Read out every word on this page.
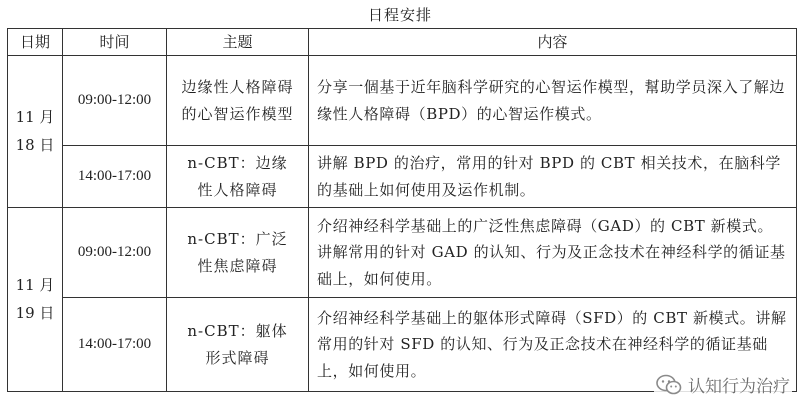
日程安排
日期	时间	主题	内容

11 月
18 日	09:00-12:00	边缘性人格障碍的心智运作模型	分享一個基于近年脑科学研究的心智运作模型，幫助学员深入了解边缘性人格障碍（BPD）的心智运作模式。
	14:00-17:00	n-CBT：边缘性人格障碍	讲解 BPD 的治疗，常用的针对 BPD 的 CBT 相关技术，在脑科学的基础上如何使用及运作机制。

11 月
19 日	09:00-12:00	n-CBT：广泛性焦虑障碍	介绍神经科学基础上的广泛性焦虑障碍（GAD）的 CBT 新模式。讲解常用的针对 GAD 的认知、行为及正念技术在神经科学的循证基础上，如何使用。
	14:00-17:00	n-CBT：躯体形式障碍	介绍神经科学基础上的躯体形式障碍（SFD）的 CBT 新模式。讲解常用的针对 SFD 的认知、行为及正念技术在神经科学的循证基础上，如何使用。
认知行为治疗
